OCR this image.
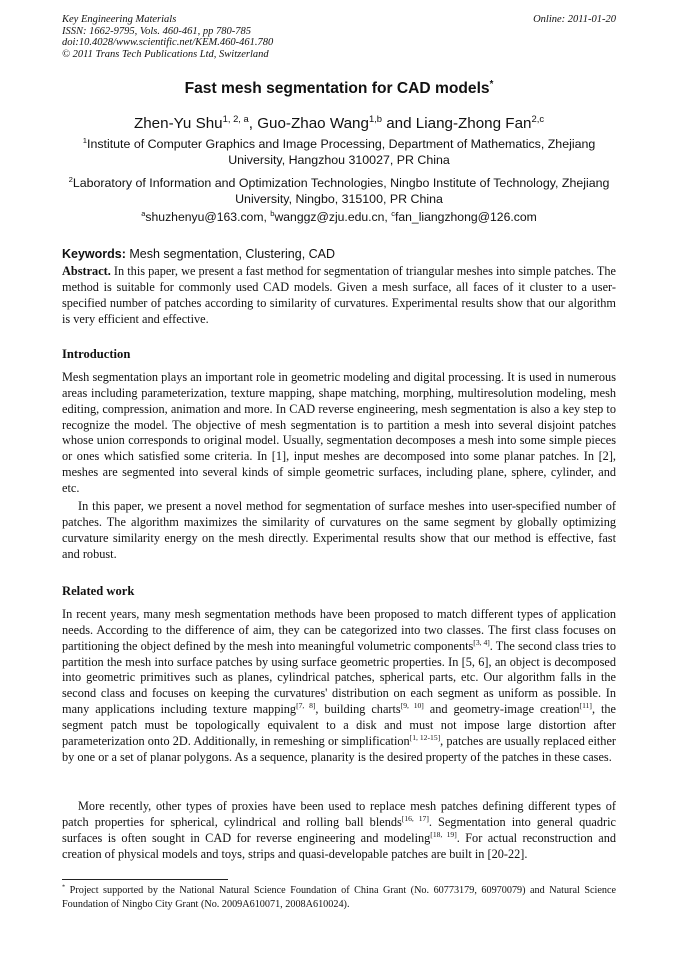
Key Engineering Materials
ISSN: 1662-9795, Vols. 460-461, pp 780-785
doi:10.4028/www.scientific.net/KEM.460-461.780
© 2011 Trans Tech Publications Ltd, Switzerland
Online: 2011-01-20
Fast mesh segmentation for CAD models*
Zhen-Yu Shu$^{1, 2, a}$, Guo-Zhao Wang$^{1,b}$ and Liang-Zhong Fan$^{2,c}$
$^1$Institute of Computer Graphics and Image Processing, Department of Mathematics, Zhejiang University, Hangzhou 310027, PR China
$^2$Laboratory of Information and Optimization Technologies, Ningbo Institute of Technology, Zhejiang University, Ningbo, 315100, PR China
$^a$shuzhenyu@163.com, $^b$wanggz@zju.edu.cn, $^c$fan_liangzhong@126.com
Keywords: Mesh segmentation, Clustering, CAD

Abstract. In this paper, we present a fast method for segmentation of triangular meshes into simple patches. The method is suitable for commonly used CAD models. Given a mesh surface, all faces of it cluster to a user-specified number of patches according to similarity of curvatures. Experimental results show that our algorithm is very efficient and effective.

Introduction

Mesh segmentation plays an important role in geometric modeling and digital processing. It is used in numerous areas including parameterization, texture mapping, shape matching, morphing, multiresolution modeling, mesh editing, compression, animation and more. In CAD reverse engineering, mesh segmentation is also a key step to recognize the model. The objective of mesh segmentation is to partition a mesh into several disjoint patches whose union corresponds to original model. Usually, segmentation decomposes a mesh into some simple pieces or ones which satisfied some criteria. In [1], input meshes are decomposed into some planar patches. In [2], meshes are segmented into several kinds of simple geometric surfaces, including plane, sphere, cylinder, and etc.

In this paper, we present a novel method for segmentation of surface meshes into user-specified number of patches. The algorithm maximizes the similarity of curvatures on the same segment by globally optimizing curvature similarity energy on the mesh directly. Experimental results show that our method is effective, fast and robust.

Related work

In recent years, many mesh segmentation methods have been proposed to match different types of application needs. According to the difference of aim, they can be categorized into two classes. The first class focuses on partitioning the object defined by the mesh into meaningful volumetric components[3, 4]. The second class tries to partition the mesh into surface patches by using surface geometric properties. In [5, 6], an object is decomposed into geometric primitives such as planes, cylindrical patches, spherical parts, etc. Our algorithm falls in the second class and focuses on keeping the curvatures' distribution on each segment as uniform as possible. In many applications including texture mapping[7, 8], building charts[9, 10] and geometry-image creation[11], the segment patch must be topologically equivalent to a disk and must not impose large distortion after parameterization onto 2D. Additionally, in remeshing or simplification[1, 12-15], patches are usually replaced either by one or a set of planar polygons. As a sequence, planarity is the desired property of the patches in these cases.

More recently, other types of proxies have been used to replace mesh patches defining different types of patch properties for spherical, cylindrical and rolling ball blends[16, 17]. Segmentation into general quadric surfaces is often sought in CAD for reverse engineering and modeling[18, 19]. For actual reconstruction and creation of physical models and toys, strips and quasi-developable patches are built in [20-22].

* Project supported by the National Natural Science Foundation of China Grant (No. 60773179, 60970079) and Natural Science Foundation of Ningbo City Grant (No. 2009A610071, 2008A610024).
